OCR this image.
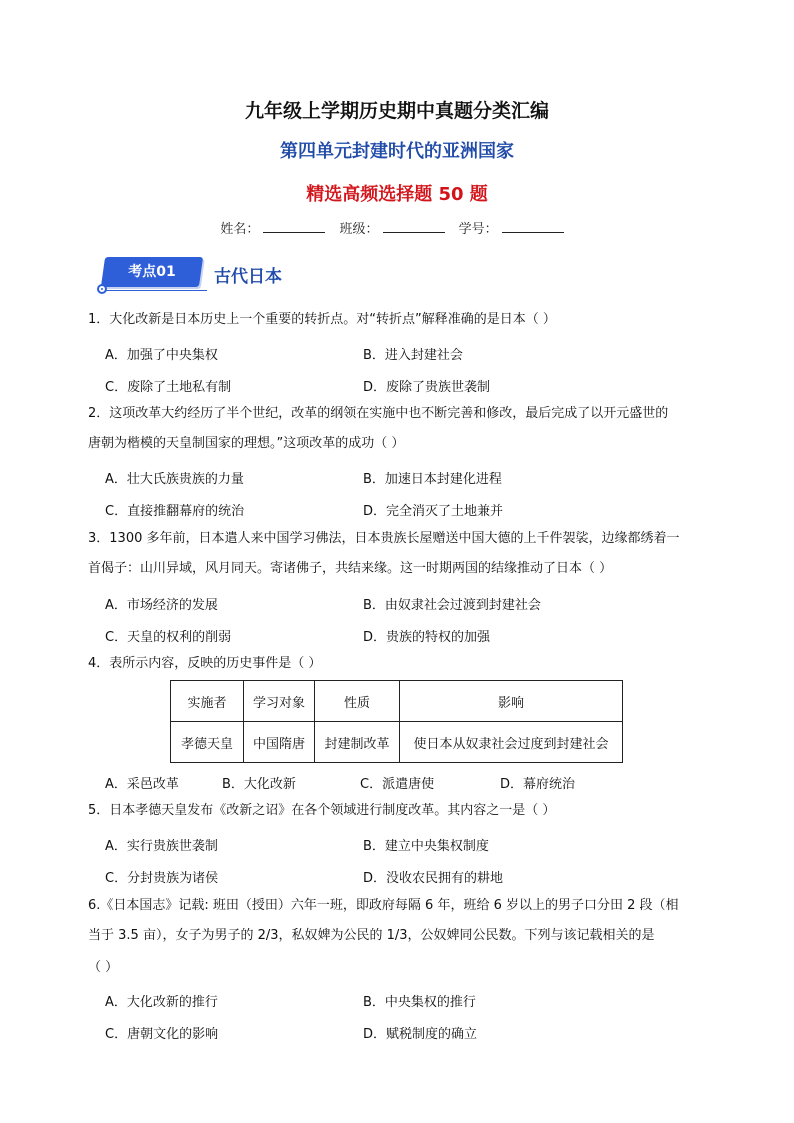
九年级上学期历史期中真题分类汇编
第四单元封建时代的亚洲国家
精选高频选择题 50 题
姓名：	班级：	学号：
考点01	古代日本
1．大化改新是日本历史上一个重要的转折点。对“转折点”解释准确的是日本（ ）
A．加强了中央集权	B．进入封建社会
C．废除了土地私有制	D．废除了贵族世袭制
2．这项改革大约经历了半个世纪，改革的纲领在实施中也不断完善和修改，最后完成了以开元盛世的
唐朝为楷模的天皇制国家的理想。”这项改革的成功（ ）
A．壮大氏族贵族的力量	B．加速日本封建化进程
C．直接推翻幕府的统治	D．完全消灭了土地兼并
3．1300 多年前，日本遣人来中国学习佛法，日本贵族长屋赠送中国大德的上千件袈裟，边缘都绣着一
首偈子：山川异域，风月同天。寄诸佛子，共结来缘。这一时期两国的结缘推动了日本（ ）
A．市场经济的发展	B．由奴隶社会过渡到封建社会
C．天皇的权利的削弱	D．贵族的特权的加强
4．表所示内容，反映的历史事件是（ ）
实施者	学习对象	性质	影响
孝德天皇	中国隋唐	封建制改革	使日本从奴隶社会过度到封建社会
A．采邑改革	B．大化改新	C．派遣唐使	D．幕府统治
5．日本孝德天皇发布《改新之诏》在各个领域进行制度改革。其内容之一是（ ）
A．实行贵族世袭制	B．建立中央集权制度
C．分封贵族为诸侯	D．没收农民拥有的耕地
6.《日本国志》记载: 班田（授田）六年一班，即政府每隔 6 年，班给 6 岁以上的男子口分田 2 段（相
当于 3.5 亩），女子为男子的 2/3，私奴婢为公民的 1/3，公奴婢同公民数。下列与该记载相关的是
（ ）
A．大化改新的推行	B．中央集权的推行
C．唐朝文化的影响	D．赋税制度的确立
